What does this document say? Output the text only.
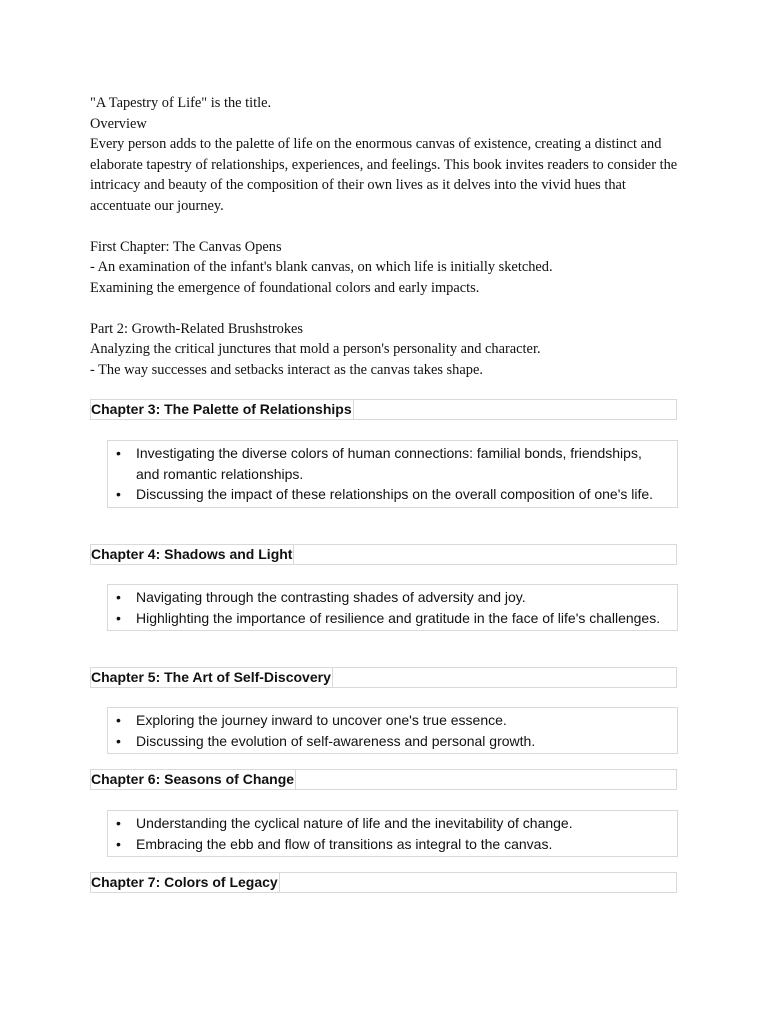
"A Tapestry of Life" is the title.

Overview

Every person adds to the palette of life on the enormous canvas of existence, creating a distinct and elaborate tapestry of relationships, experiences, and feelings. This book invites readers to consider the intricacy and beauty of the composition of their own lives as it delves into the vivid hues that accentuate our journey.

First Chapter: The Canvas Opens

- An examination of the infant's blank canvas, on which life is initially sketched.

Examining the emergence of foundational colors and early impacts.

Part 2: Growth-Related Brushstrokes

Analyzing the critical junctures that mold a person's personality and character.

- The way successes and setbacks interact as the canvas takes shape.

Chapter 3: The Palette of Relationships
• Investigating the diverse colors of human connections: familial bonds, friendships, and romantic relationships.
• Discussing the impact of these relationships on the overall composition of one's life.
Chapter 4: Shadows and Light
• Navigating through the contrasting shades of adversity and joy.
• Highlighting the importance of resilience and gratitude in the face of life's challenges.
Chapter 5: The Art of Self-Discovery
• Exploring the journey inward to uncover one's true essence.
• Discussing the evolution of self-awareness and personal growth.
Chapter 6: Seasons of Change
• Understanding the cyclical nature of life and the inevitability of change.
• Embracing the ebb and flow of transitions as integral to the canvas.
Chapter 7: Colors of Legacy
